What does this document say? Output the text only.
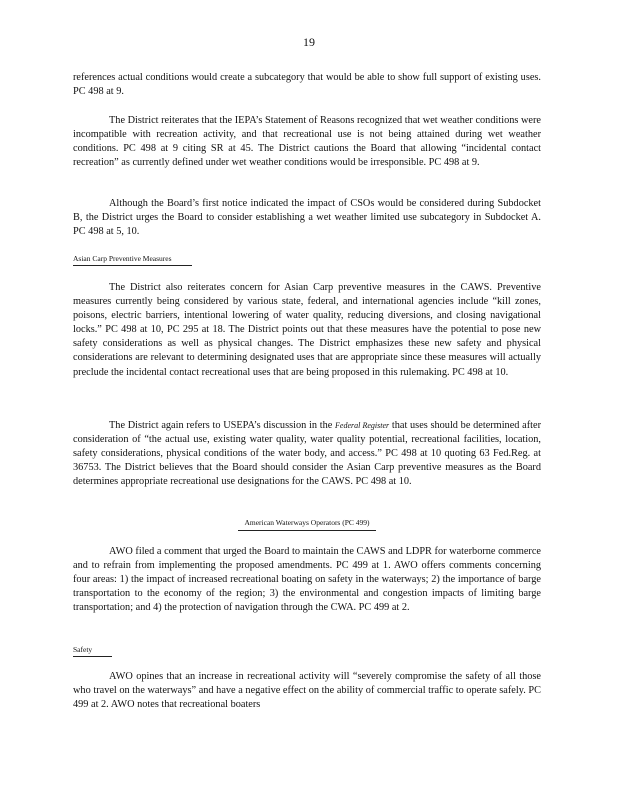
19

references actual conditions would create a subcategory that would be able to show full support of existing uses. PC 498 at 9.

The District reiterates that the IEPA’s Statement of Reasons recognized that wet weather conditions were incompatible with recreation activity, and that recreational use is not being attained during wet weather conditions. PC 498 at 9 citing SR at 45. The District cautions the Board that allowing “incidental contact recreation” as currently defined under wet weather conditions would be irresponsible. PC 498 at 9.

Although the Board’s first notice indicated the impact of CSOs would be considered during Subdocket B, the District urges the Board to consider establishing a wet weather limited use subcategory in Subdocket A. PC 498 at 5, 10.

Asian Carp Preventive Measures

The District also reiterates concern for Asian Carp preventive measures in the CAWS. Preventive measures currently being considered by various state, federal, and international agencies include “kill zones, poisons, electric barriers, intentional lowering of water quality, reducing diversions, and closing navigational locks.” PC 498 at 10, PC 295 at 18. The District points out that these measures have the potential to pose new safety considerations as well as physical changes. The District emphasizes these new safety and physical considerations are relevant to determining designated uses that are appropriate since these measures will actually preclude the incidental contact recreational uses that are being proposed in this rulemaking. PC 498 at 10.

The District again refers to USEPA’s discussion in the Federal Register that uses should be determined after consideration of “the actual use, existing water quality, water quality potential, recreational facilities, location, safety considerations, physical conditions of the water body, and access.” PC 498 at 10 quoting 63 Fed.Reg. at 36753. The District believes that the Board should consider the Asian Carp preventive measures as the Board determines appropriate recreational use designations for the CAWS. PC 498 at 10.

American Waterways Operators (PC 499)

AWO filed a comment that urged the Board to maintain the CAWS and LDPR for waterborne commerce and to refrain from implementing the proposed amendments. PC 499 at 1. AWO offers comments concerning four areas: 1) the impact of increased recreational boating on safety in the waterways; 2) the importance of barge transportation to the economy of the region; 3) the environmental and congestion impacts of limiting barge transportation; and 4) the protection of navigation through the CWA. PC 499 at 2.

Safety

AWO opines that an increase in recreational activity will “severely compromise the safety of all those who travel on the waterways” and have a negative effect on the ability of commercial traffic to operate safely. PC 499 at 2. AWO notes that recreational boaters
